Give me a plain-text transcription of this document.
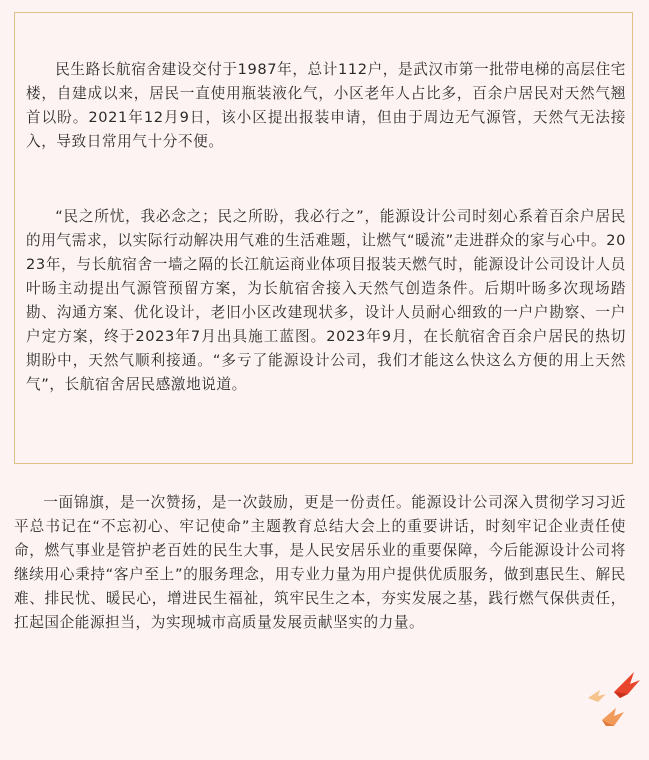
民生路长航宿舍建设交付于1987年，总计112户，是武汉市第一批带电梯的高层住宅楼，自建成以来，居民一直使用瓶装液化气，小区老年人占比多，百余户居民对天然气翘首以盼。2021年12月9日，该小区提出报装申请，但由于周边无气源管，天然气无法接入，导致日常用气十分不便。

“民之所忧，我必念之；民之所盼，我必行之”，能源设计公司时刻心系着百余户居民的用气需求，以实际行动解决用气难的生活难题，让燃气“暖流”走进群众的家与心中。2023年，与长航宿舍一墙之隔的长江航运商业体项目报装天燃气时，能源设计公司设计人员叶旸主动提出气源管预留方案，为长航宿舍接入天然气创造条件。后期叶旸多次现场踏勘、沟通方案、优化设计，老旧小区改建现状多，设计人员耐心细致的一户户勘察、一户户定方案，终于2023年7月出具施工蓝图。2023年9月，在长航宿舍百余户居民的热切期盼中，天然气顺利接通。“多亏了能源设计公司，我们才能这么快这么方便的用上天然气”，长航宿舍居民感激地说道。

一面锦旗，是一次赞扬，是一次鼓励，更是一份责任。能源设计公司深入贯彻学习习近平总书记在“不忘初心、牢记使命”主题教育总结大会上的重要讲话，时刻牢记企业责任使命，燃气事业是管护老百姓的民生大事，是人民安居乐业的重要保障，今后能源设计公司将继续用心秉持“客户至上”的服务理念，用专业力量为用户提供优质服务，做到惠民生、解民难、排民忧、暖民心，增进民生福祉，筑牢民生之本，夯实发展之基，践行燃气保供责任，扛起国企能源担当，为实现城市高质量发展贡献坚实的力量。
